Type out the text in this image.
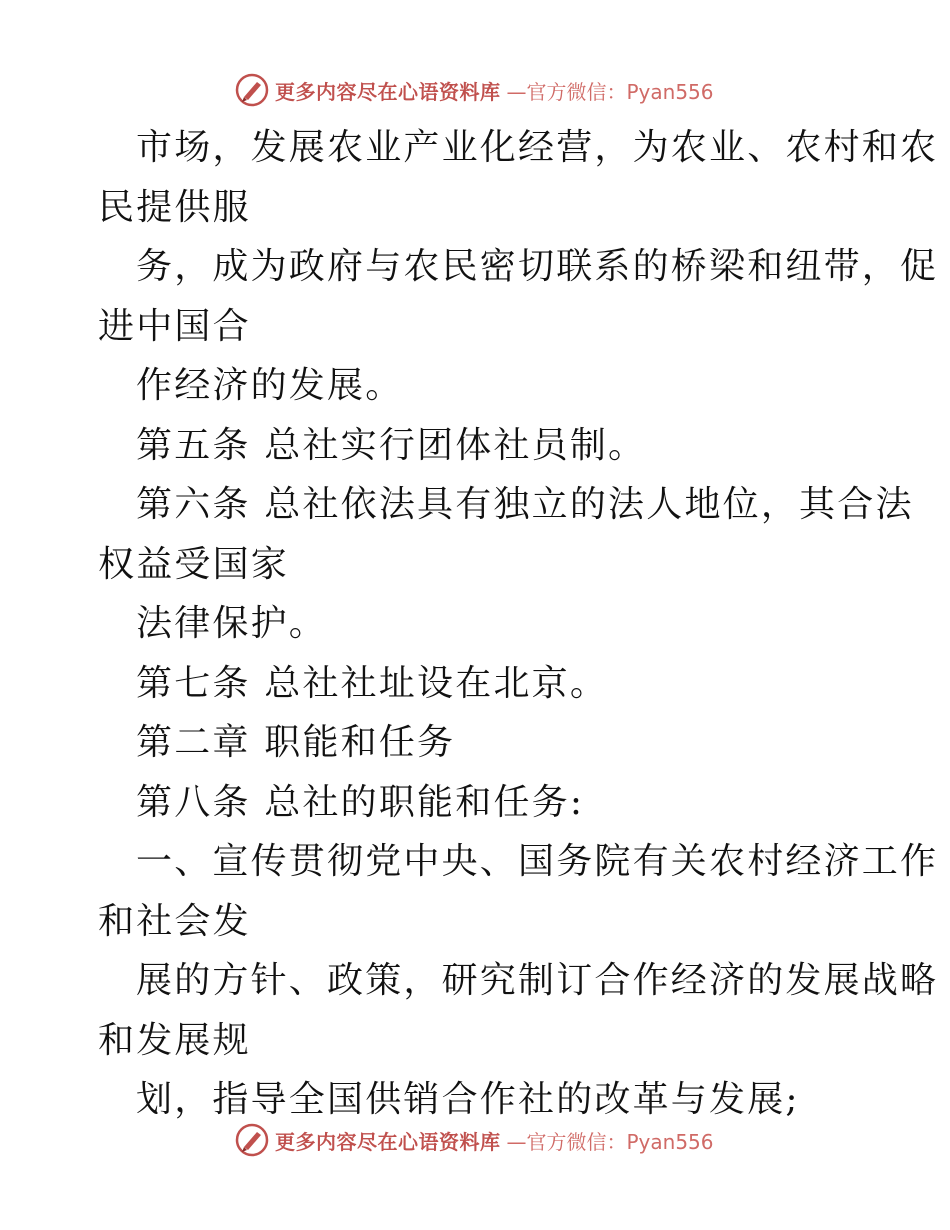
更多内容尽在心语资料库 —官方微信：Pyan556
市场，发展农业产业化经营，为农业、农村和农
民提供服
务，成为政府与农民密切联系的桥梁和纽带，促
进中国合
作经济的发展。
第五条 总社实行团体社员制。
第六条 总社依法具有独立的法人地位，其合法
权益受国家
法律保护。
第七条 总社社址设在北京。
第二章 职能和任务
第八条 总社的职能和任务:
一、宣传贯彻党中央、国务院有关农村经济工作
和社会发
展的方针、政策，研究制订合作经济的发展战略
和发展规
划，指导全国供销合作社的改革与发展;
更多内容尽在心语资料库 —官方微信：Pyan556
